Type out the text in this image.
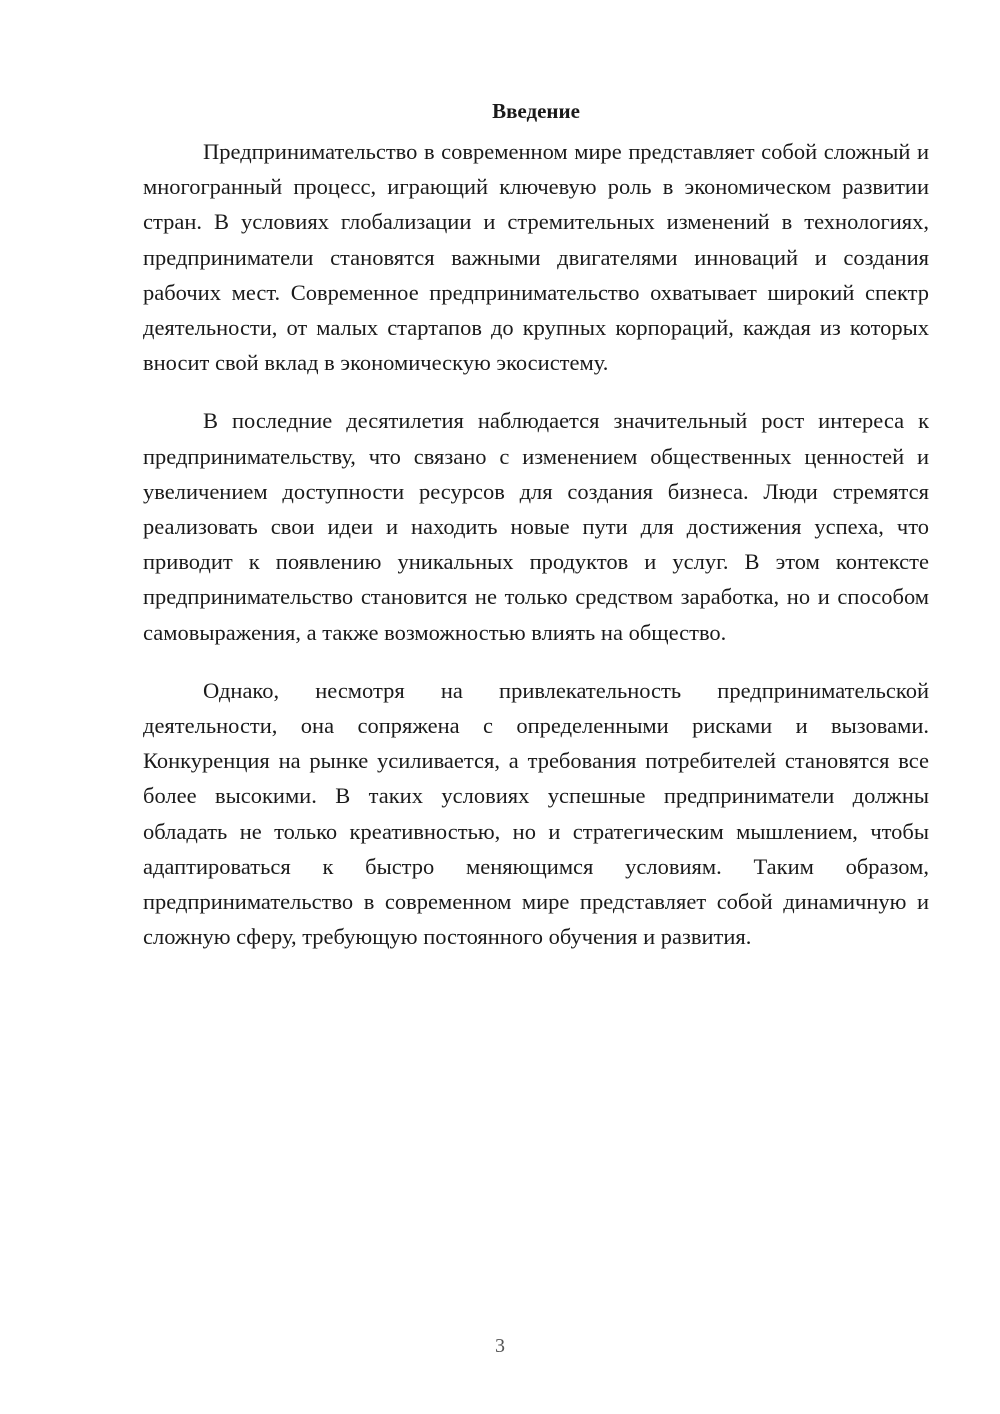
Введение

Предпринимательство в современном мире представляет собой сложный и многогранный процесс, играющий ключевую роль в экономическом развитии стран. В условиях глобализации и стремительных изменений в технологиях, предприниматели становятся важными двигателями инноваций и создания рабочих мест. Современное предпринимательство охватывает широкий спектр деятельности, от малых стартапов до крупных корпораций, каждая из которых вносит свой вклад в экономическую экосистему.

В последние десятилетия наблюдается значительный рост интереса к предпринимательству, что связано с изменением общественных ценностей и увеличением доступности ресурсов для создания бизнеса. Люди стремятся реализовать свои идеи и находить новые пути для достижения успеха, что приводит к появлению уникальных продуктов и услуг. В этом контексте предпринимательство становится не только средством заработка, но и способом самовыражения, а также возможностью влиять на общество.

Однако, несмотря на привлекательность предпринимательской деятельности, она сопряжена с определенными рисками и вызовами. Конкуренция на рынке усиливается, а требования потребителей становятся все более высокими. В таких условиях успешные предприниматели должны обладать не только креативностью, но и стратегическим мышлением, чтобы адаптироваться к быстро меняющимся условиям. Таким образом, предпринимательство в современном мире представляет собой динамичную и сложную сферу, требующую постоянного обучения и развития.

3
